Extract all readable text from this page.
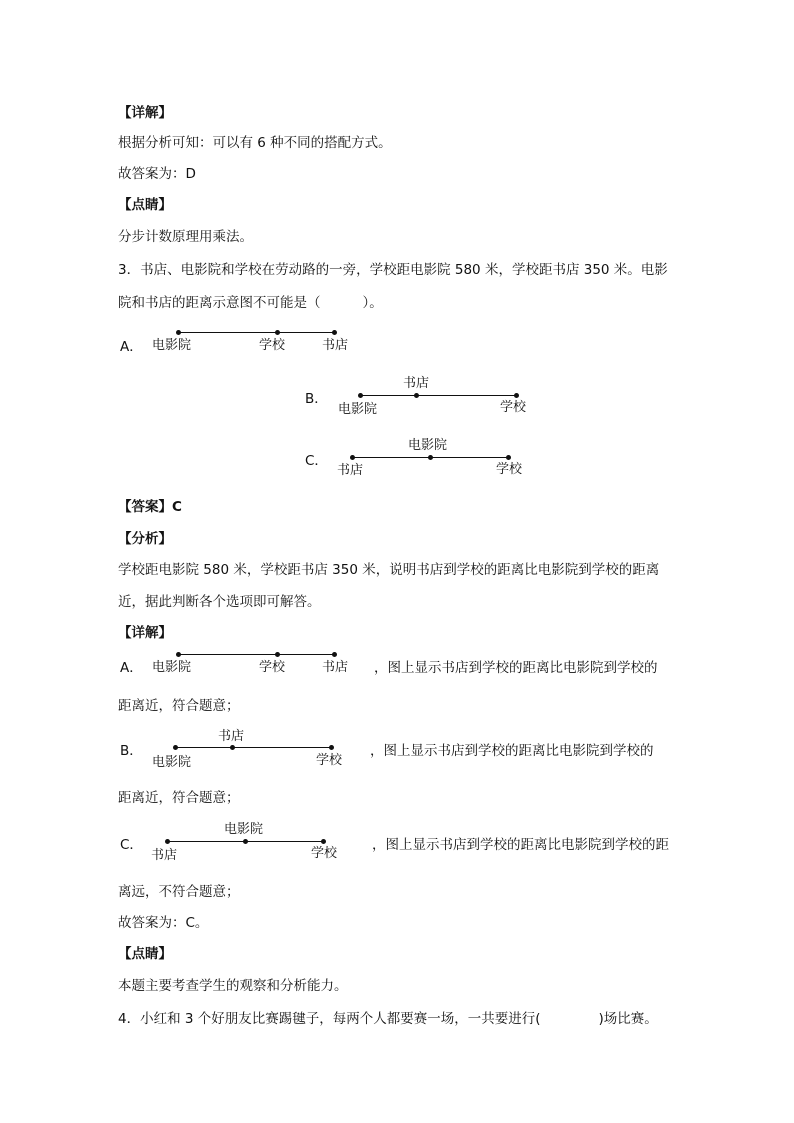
【详解】
根据分析可知：可以有 6 种不同的搭配方式。
故答案为：D
【点睛】
分步计数原理用乘法。
3．书店、电影院和学校在劳动路的一旁，学校距电影院 580 米，学校距书店 350 米。电影
院和书店的距离示意图不可能是（	）。
A． 电影院	学校	书店
B．
书店
电影院	学校
C．
电影院
书店	学校
【答案】C
【分析】
学校距电影院 580 米，学校距书店 350 米，说明书店到学校的距离比电影院到学校的距离
近，据此判断各个选项即可解答。
【详解】
A． 电影院	学校	书店 ，图上显示书店到学校的距离比电影院到学校的
距离近，符合题意；
B．
书店
电影院	学校
，图上显示书店到学校的距离比电影院到学校的
距离近，符合题意；
C．
电影院
书店	学校
，图上显示书店到学校的距离比电影院到学校的距
离远，不符合题意；
故答案为：C。
【点睛】
本题主要考查学生的观察和分析能力。
4．小红和 3 个好朋友比赛踢毽子，每两个人都要赛一场，一共要进行(	)场比赛。
